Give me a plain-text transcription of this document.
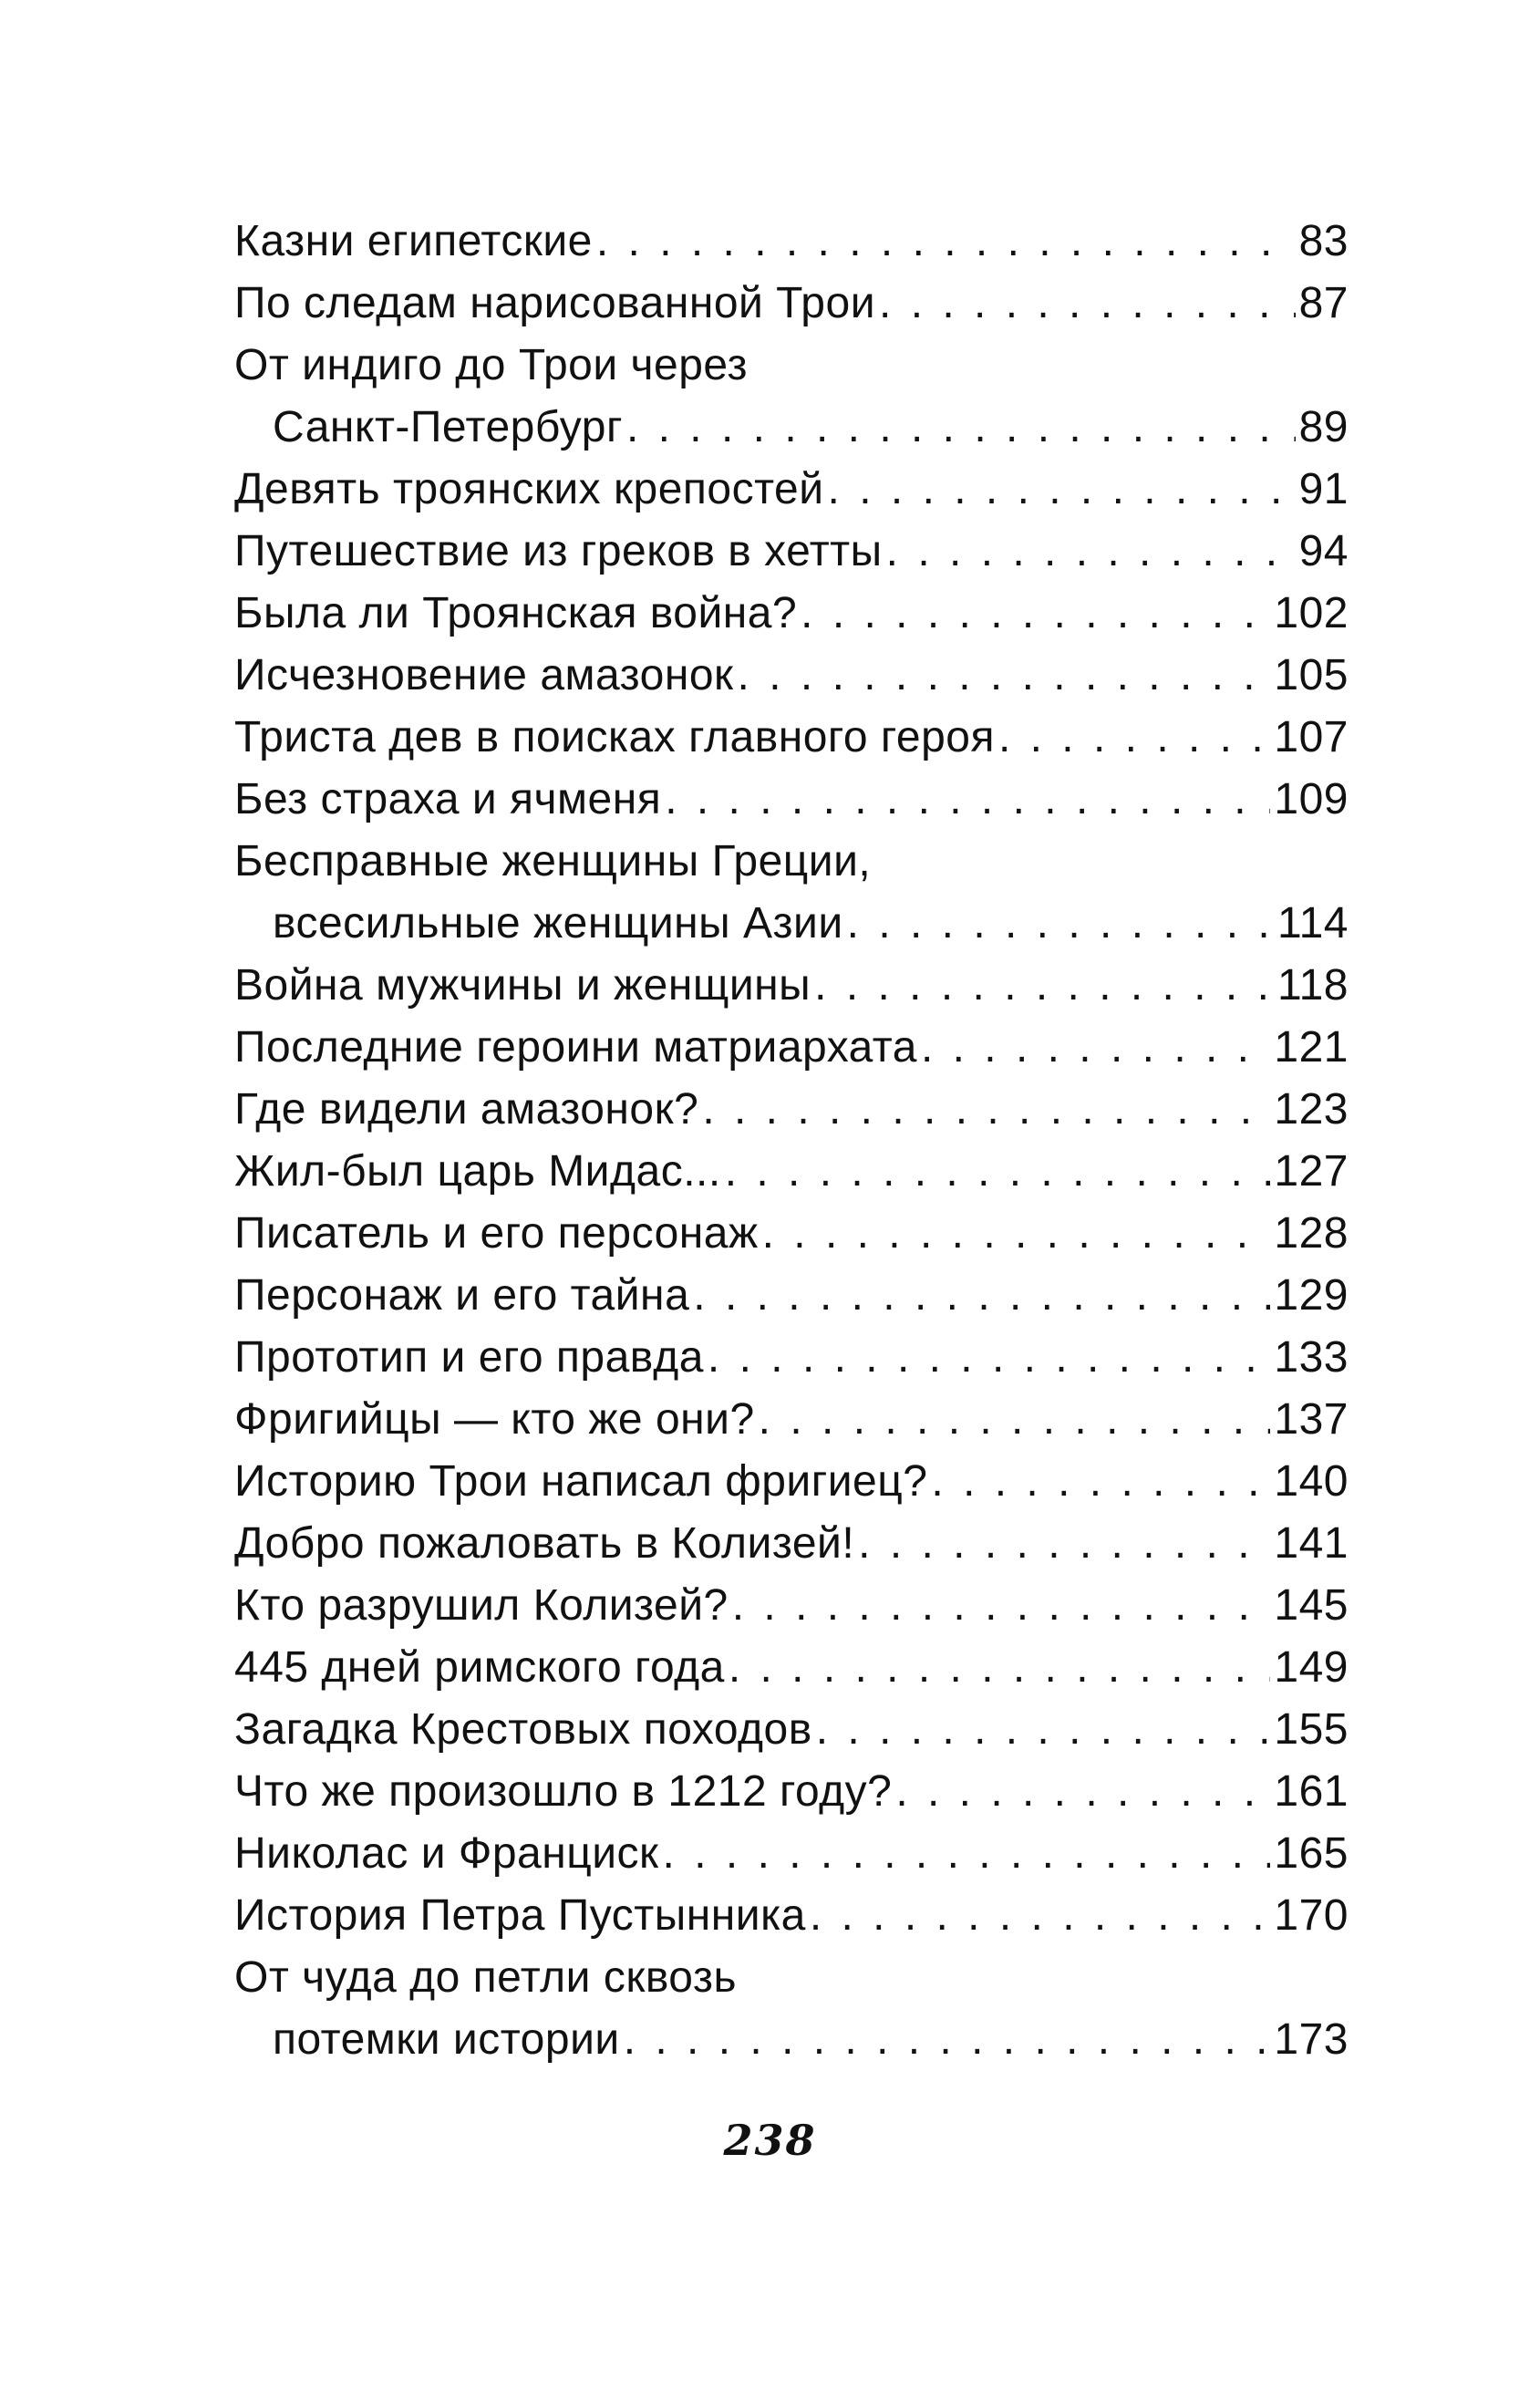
Казни египетские . . .	83
По следам нарисованной Трои . . .	87
От индиго до Трои через
Санкт-Петербург . . .	89
Девять троянских крепостей . . .	91
Путешествие из греков в хетты . . .	94
Была ли Троянская война? . . .	102
Исчезновение амазонок . . .	105
Триста дев в поисках главного героя . . .	107
Без страха и ячменя . . .	109
Бесправные женщины Греции,
всесильные женщины Азии . . .	114
Война мужчины и женщины . . .	118
Последние героини матриархата . . .	121
Где видели амазонок? . . .	123
Жил-был царь Мидас... . . .	127
Писатель и его персонаж . . .	128
Персонаж и его тайна . . .	129
Прототип и его правда . . .	133
Фригийцы — кто же они? . . .	137
Историю Трои написал фригиец? . . .	140
Добро пожаловать в Колизей! . . .	141
Кто разрушил Колизей? . . .	145
445 дней римского года . . .	149
Загадка Крестовых походов . . .	155
Что же произошло в 1212 году? . . .	161
Николас и Франциск . . .	165
История Петра Пустынника . . .	170
От чуда до петли сквозь
потемки истории . . .	173
238
